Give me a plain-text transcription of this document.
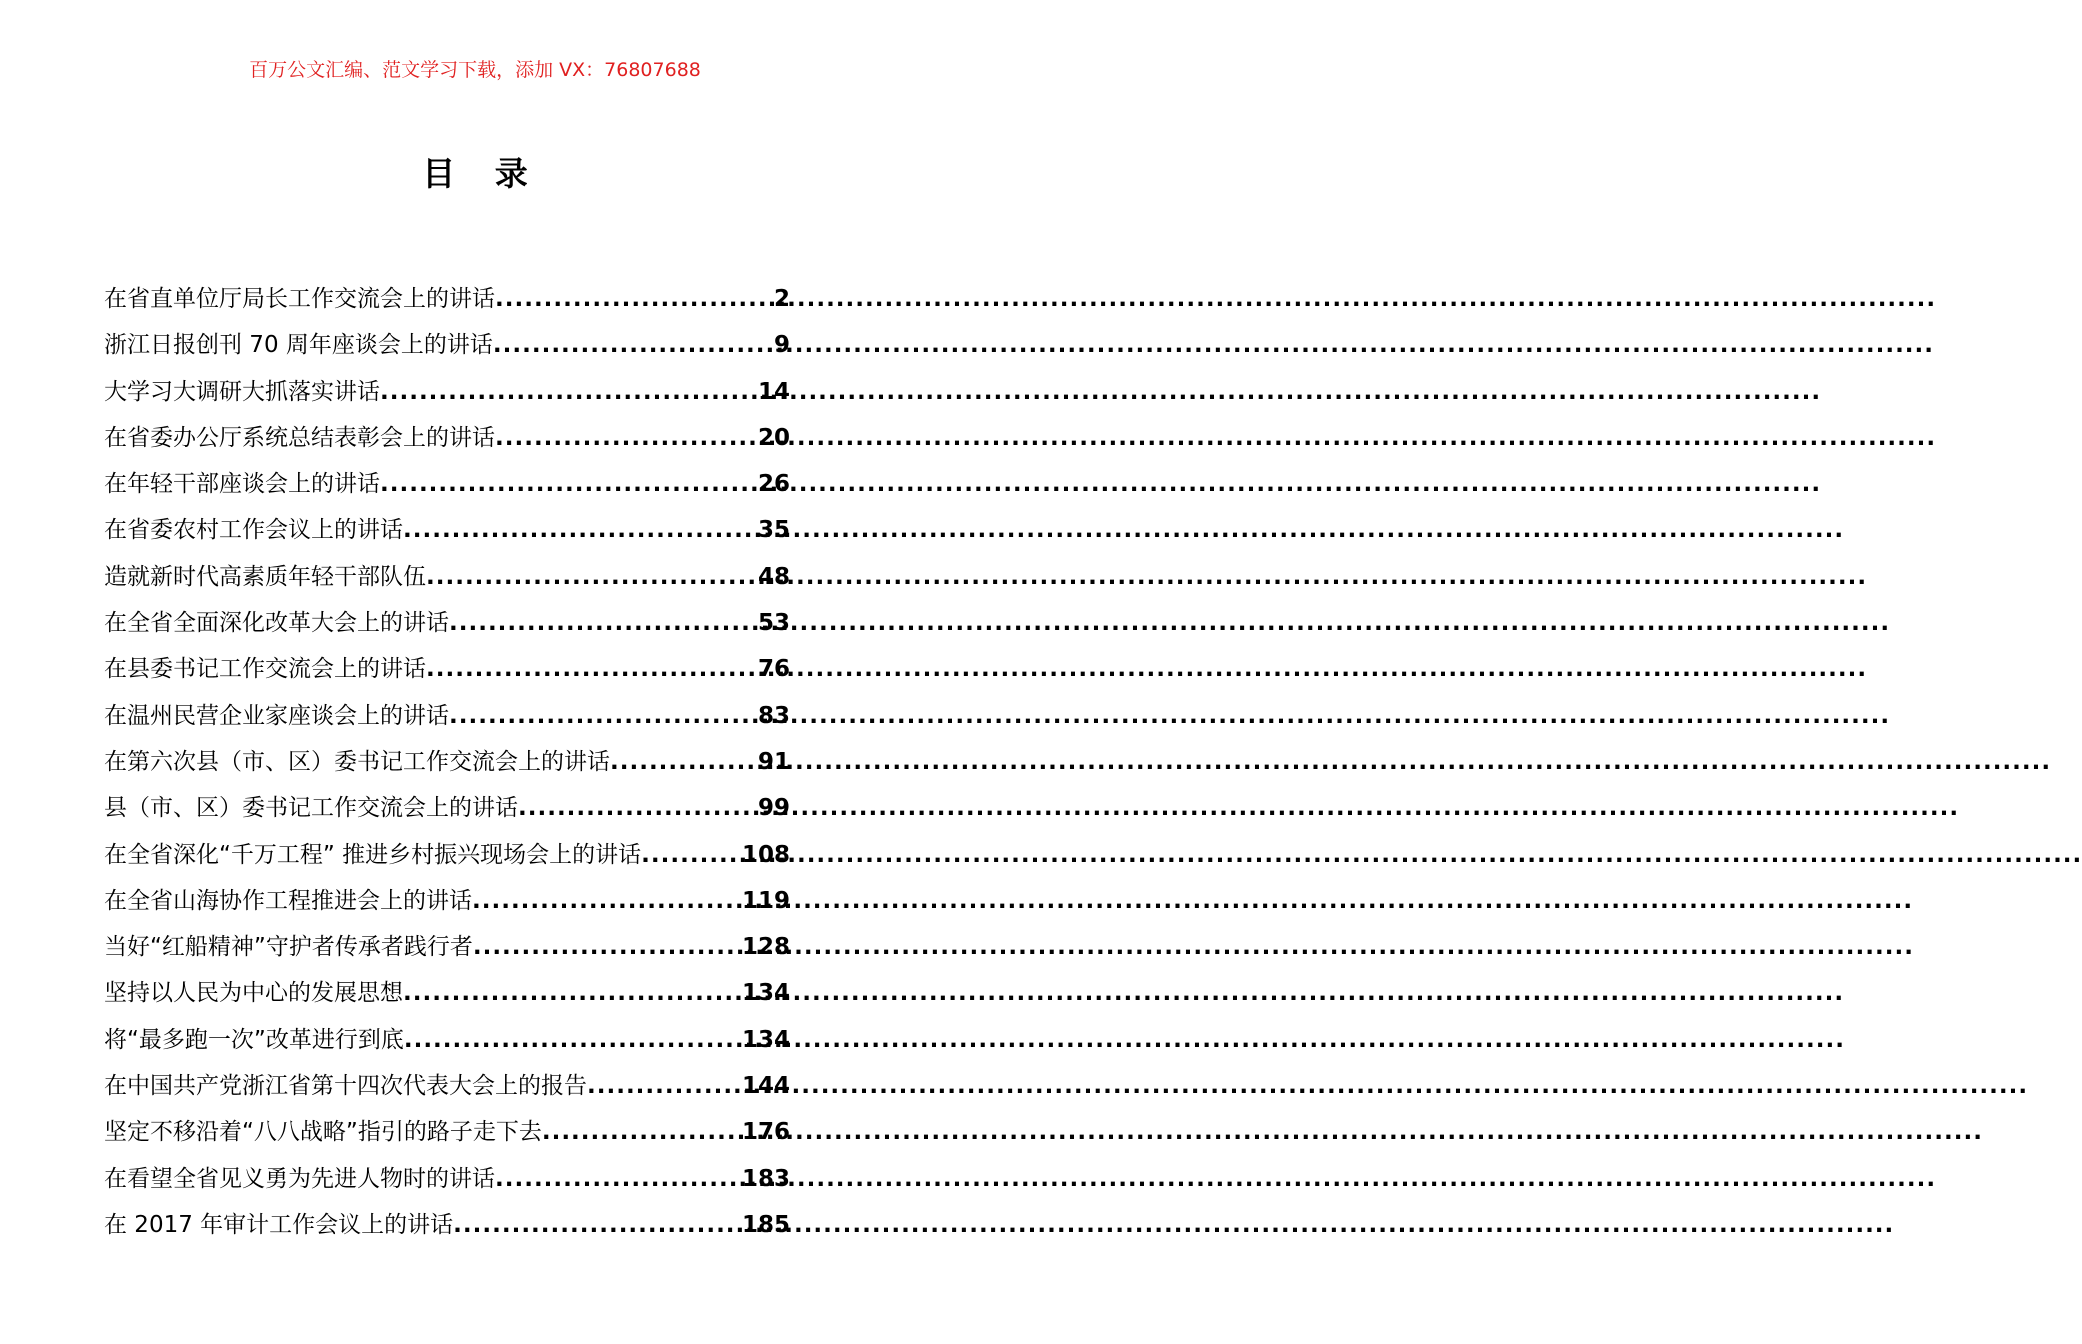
百万公文汇编、范文学习下载，添加 VX：76807688
目 录
在省直单位厅局长工作交流会上的讲话 .....	2
浙江日报创刊 70 周年座谈会上的讲话 .....	9
大学习大调研大抓落实讲话 .....	14
在省委办公厅系统总结表彰会上的讲话 .....	20
在年轻干部座谈会上的讲话 .....	26
在省委农村工作会议上的讲话 .....	35
造就新时代高素质年轻干部队伍 .....	48
在全省全面深化改革大会上的讲话 .....	53
在县委书记工作交流会上的讲话 .....	76
在温州民营企业家座谈会上的讲话 .....	83
在第六次县（市、区）委书记工作交流会上的讲话 .....	91
县（市、区）委书记工作交流会上的讲话 .....	99
在全省深化“千万工程” 推进乡村振兴现场会上的讲话 .....	108
在全省山海协作工程推进会上的讲话 .....	119
当好“红船精神”守护者传承者践行者 .....	128
坚持以人民为中心的发展思想 .....	134
将“最多跑一次”改革进行到底 .....	134
在中国共产党浙江省第十四次代表大会上的报告 .....	144
坚定不移沿着“八八战略”指引的路子走下去 .....	176
在看望全省见义勇为先进人物时的讲话 .....	183
在 2017 年审计工作会议上的讲话 .....	185
